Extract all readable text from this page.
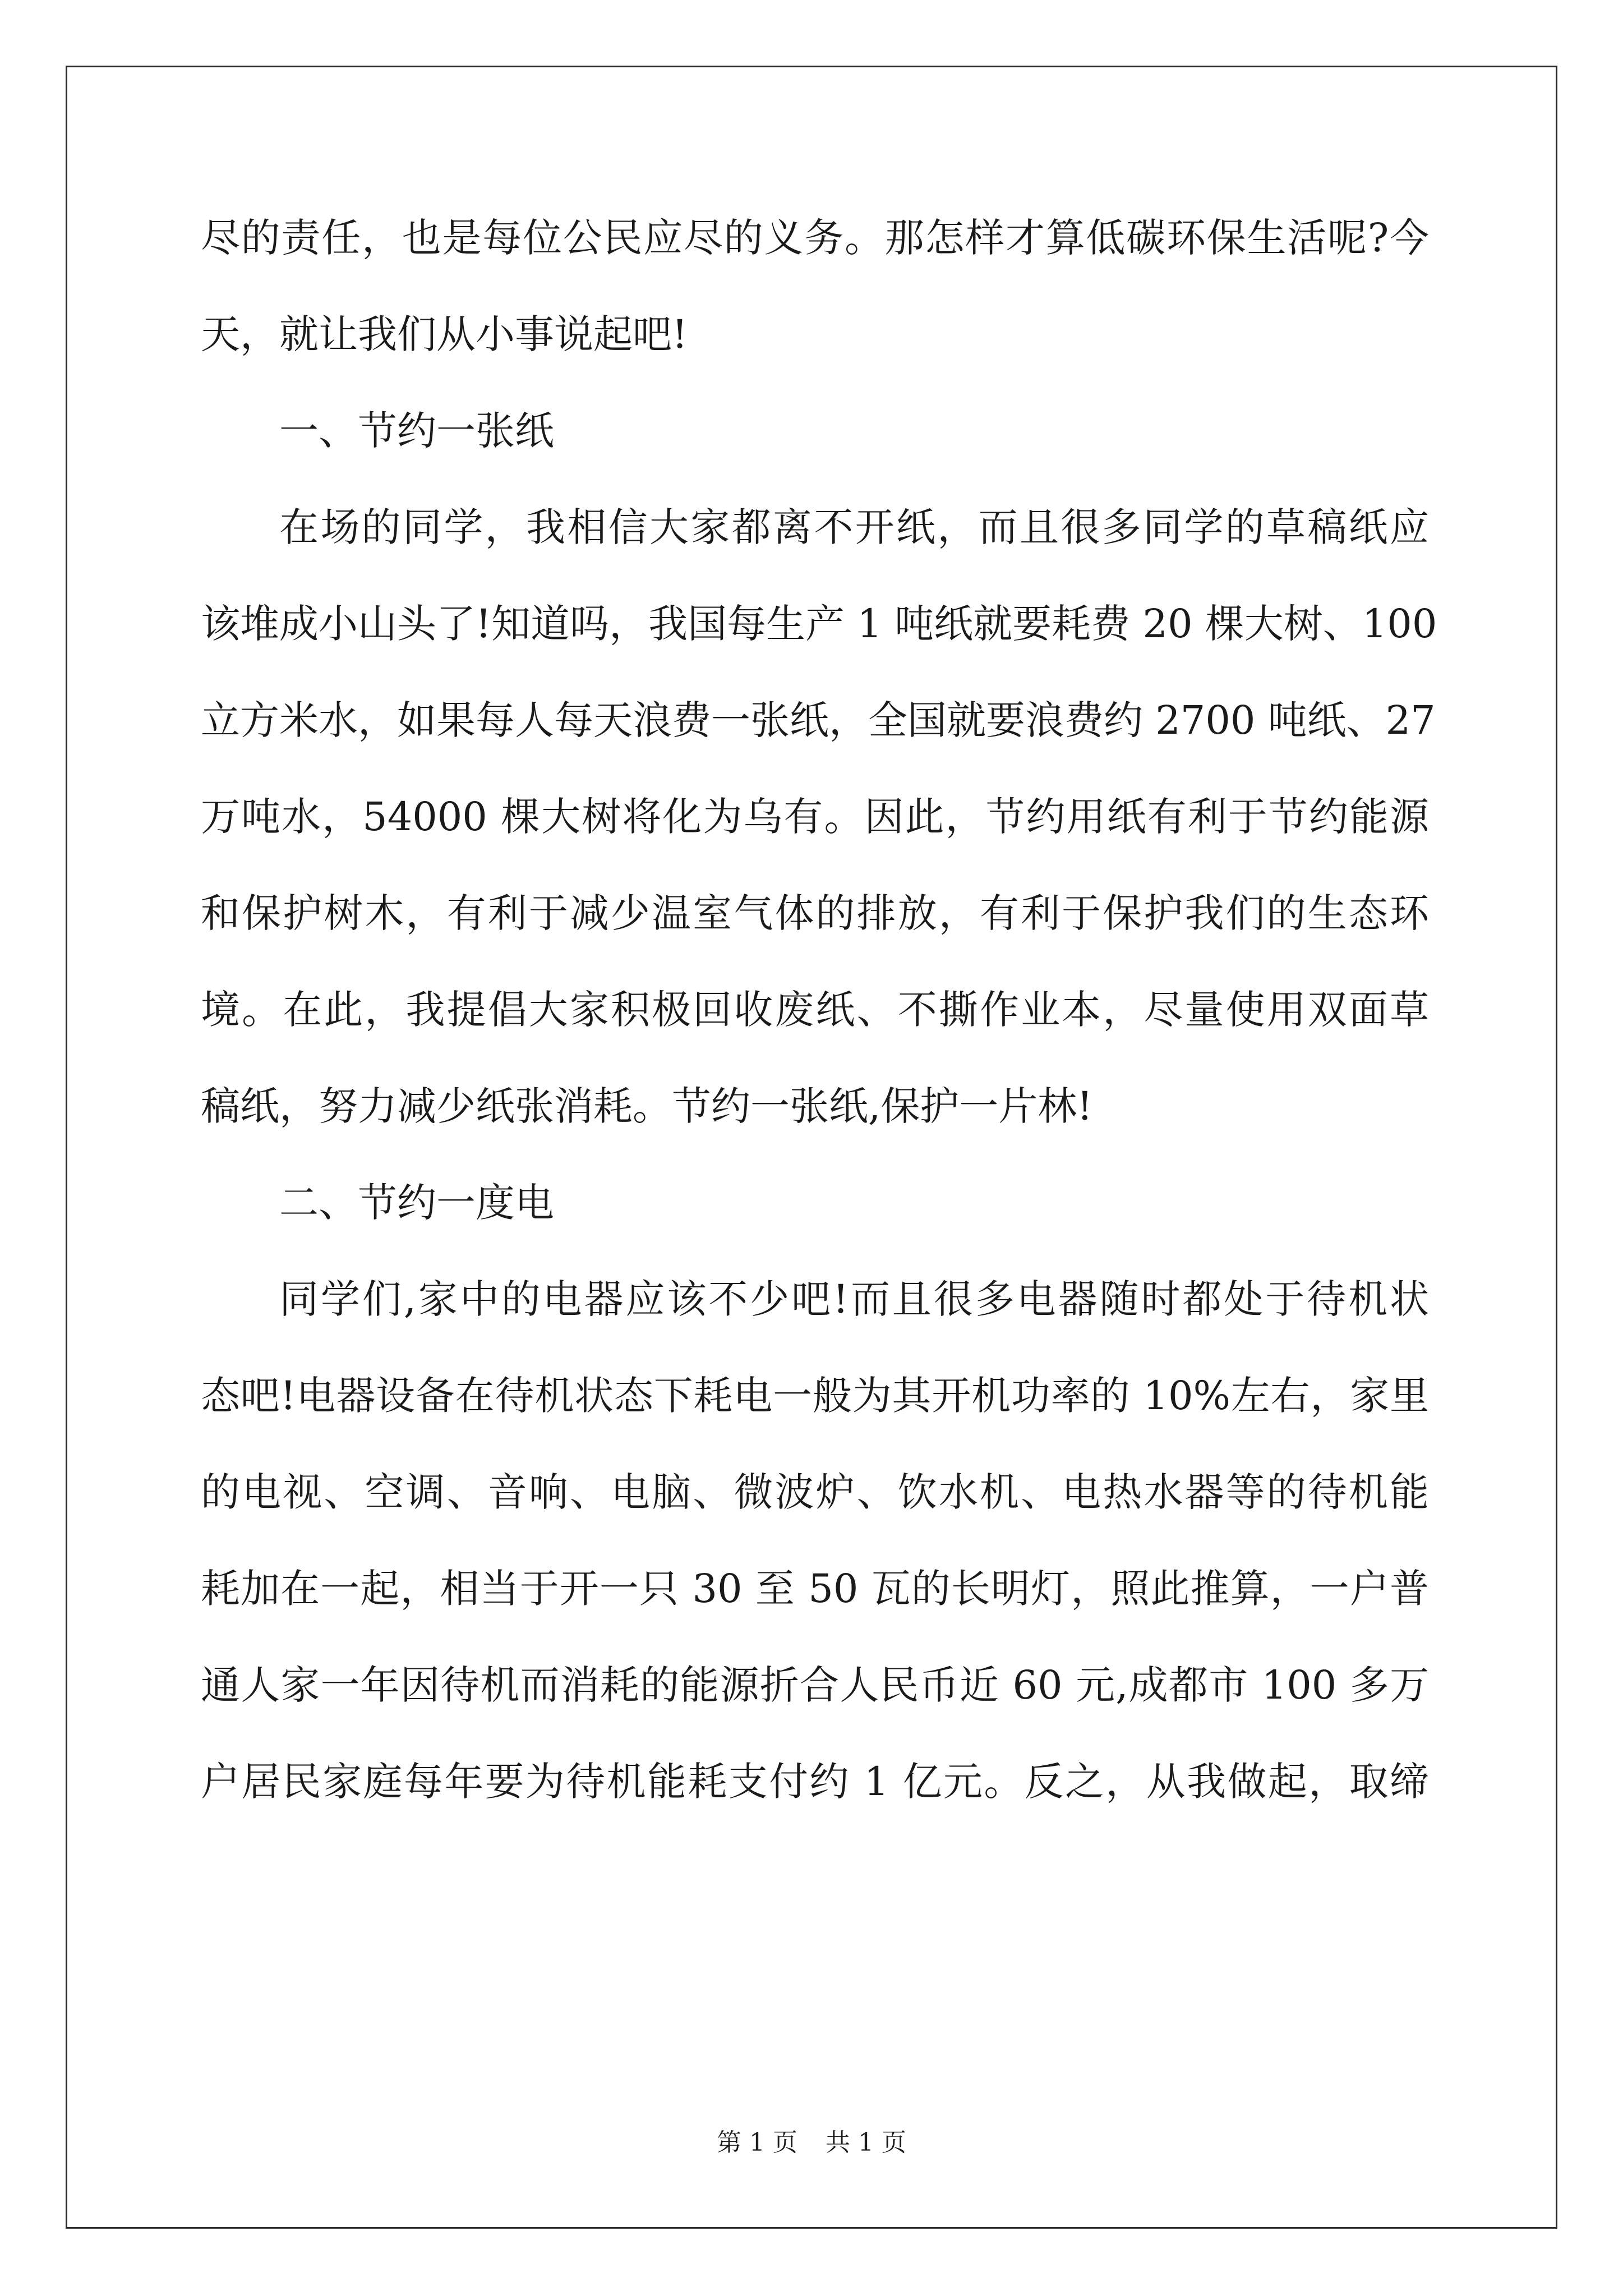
尽的责任，也是每位公民应尽的义务。那怎样才算低碳环保生活呢?今
天，就让我们从小事说起吧!
一、节约一张纸
在场的同学，我相信大家都离不开纸，而且很多同学的草稿纸应
该堆成小山头了!知道吗，我国每生产 1 吨纸就要耗费 20 棵大树、100
立方米水，如果每人每天浪费一张纸，全国就要浪费约 2700 吨纸、27
万吨水，54000 棵大树将化为乌有。因此，节约用纸有利于节约能源
和保护树木，有利于减少温室气体的排放，有利于保护我们的生态环
境。在此，我提倡大家积极回收废纸、不撕作业本，尽量使用双面草
稿纸，努力减少纸张消耗。节约一张纸,保护一片林!
二、节约一度电
同学们,家中的电器应该不少吧!而且很多电器随时都处于待机状
态吧!电器设备在待机状态下耗电一般为其开机功率的 10%左右，家里
的电视、空调、音响、电脑、微波炉、饮水机、电热水器等的待机能
耗加在一起，相当于开一只 30 至 50 瓦的长明灯，照此推算，一户普
通人家一年因待机而消耗的能源折合人民币近 60 元,成都市 100 多万
户居民家庭每年要为待机能耗支付约 1 亿元。反之，从我做起，取缔
第 1 页 共 1 页
